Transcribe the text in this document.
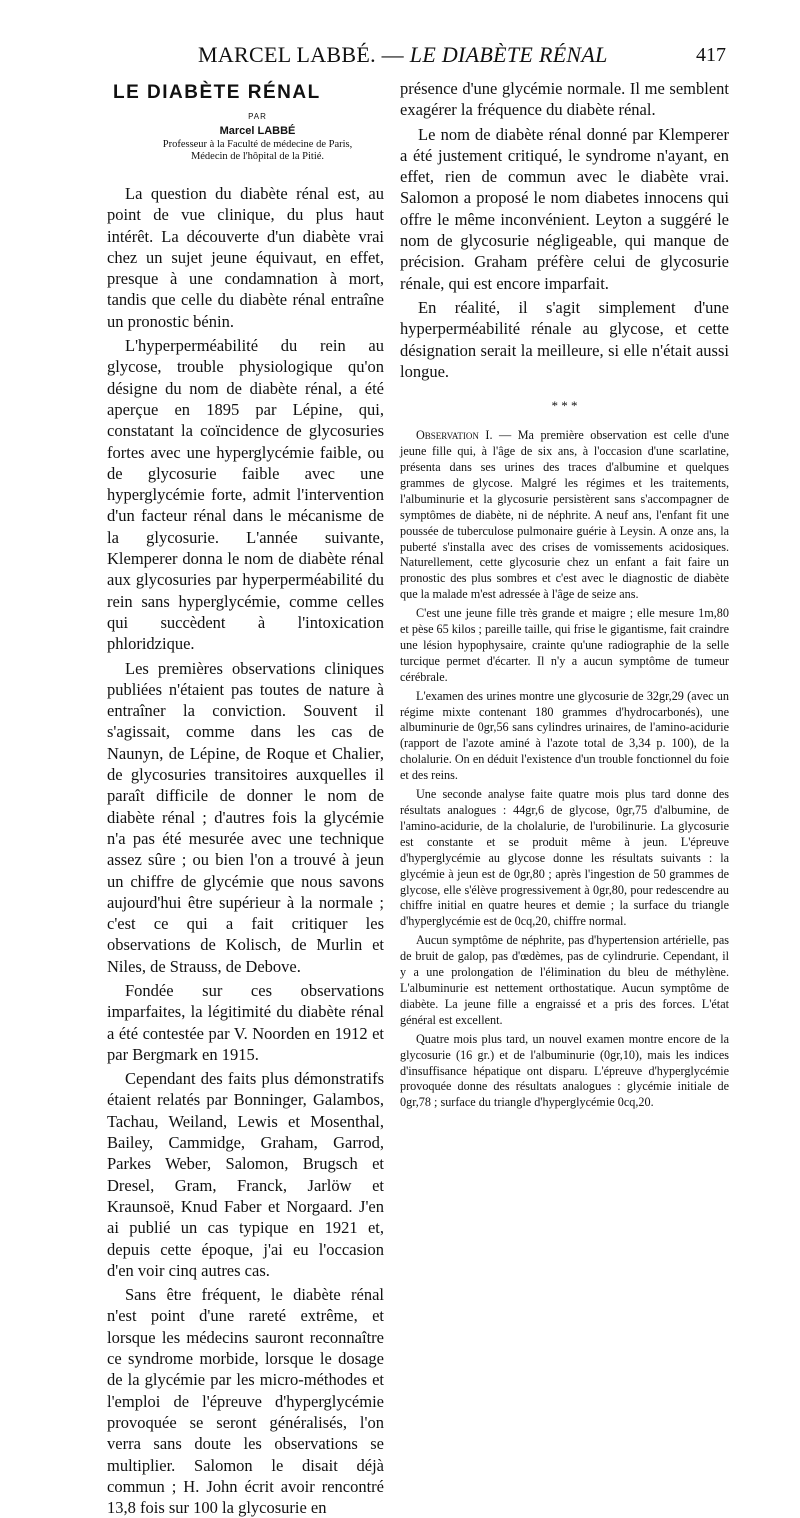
MARCEL LABBÉ. — LE DIABÈTE RÉNAL	417
LE DIABÈTE RÉNAL
PAR
Marcel LABBÉ
Professeur à la Faculté de médecine de Paris,
Médecin de l'hôpital de la Pitié.

La question du diabète rénal est, au point de vue clinique, du plus haut intérêt. La découverte d'un diabète vrai chez un sujet jeune équivaut, en effet, presque à une condamnation à mort, tandis que celle du diabète rénal entraîne un pronostic bénin.

L'hyperperméabilité du rein au glycose, trouble physiologique qu'on désigne du nom de diabète rénal, a été aperçue en 1895 par Lépine, qui, constatant la coïncidence de glycosuries fortes avec une hyperglycémie faible, ou de glycosurie faible avec une hyperglycémie forte, admit l'intervention d'un facteur rénal dans le mécanisme de la glycosurie. L'année suivante, Klemperer donna le nom de diabète rénal aux glycosuries par hyperperméabilité du rein sans hyperglycémie, comme celles qui succèdent à l'intoxication phloridzique.

Les premières observations cliniques publiées n'étaient pas toutes de nature à entraîner la conviction. Souvent il s'agissait, comme dans les cas de Naunyn, de Lépine, de Roque et Chalier, de glycosuries transitoires auxquelles il paraît difficile de donner le nom de diabète rénal ; d'autres fois la glycémie n'a pas été mesurée avec une technique assez sûre ; ou bien l'on a trouvé à jeun un chiffre de glycémie que nous savons aujourd'hui être supérieur à la normale ; c'est ce qui a fait critiquer les observations de Kolisch, de Murlin et Niles, de Strauss, de Debove.

Fondée sur ces observations imparfaites, la légitimité du diabète rénal a été contestée par V. Noorden en 1912 et par Bergmark en 1915.

Cependant des faits plus démonstratifs étaient relatés par Bonninger, Galambos, Tachau, Weiland, Lewis et Mosenthal, Bailey, Cammidge, Graham, Garrod, Parkes Weber, Salomon, Brugsch et Dresel, Gram, Franck, Jarlöw et Kraunsoë, Knud Faber et Norgaard. J'en ai publié un cas typique en 1921 et, depuis cette époque, j'ai eu l'occasion d'en voir cinq autres cas.

Sans être fréquent, le diabète rénal n'est point d'une rareté extrême, et lorsque les médecins sauront reconnaître ce syndrome morbide, lorsque le dosage de la glycémie par les micro-méthodes et l'emploi de l'épreuve d'hyperglycémie provoquée se seront généralisés, l'on verra sans doute les observations se multiplier. Salomon le disait déjà commun ; H. John écrit avoir rencontré 13,8 fois sur 100 la glycosurie en

présence d'une glycémie normale. Il me semblent exagérer la fréquence du diabète rénal.

Le nom de diabète rénal donné par Klemperer a été justement critiqué, le syndrome n'ayant, en effet, rien de commun avec le diabète vrai. Salomon a proposé le nom diabetes innocens qui offre le même inconvénient. Leyton a suggéré le nom de glycosurie négligeable, qui manque de précision. Graham préfère celui de glycosurie rénale, qui est encore imparfait.

En réalité, il s'agit simplement d'une hyperperméabilité rénale au glycose, et cette désignation serait la meilleure, si elle n'était aussi longue.

* * *

Observation I. — Ma première observation est celle d'une jeune fille qui, à l'âge de six ans, à l'occasion d'une scarlatine, présenta dans ses urines des traces d'albumine et quelques grammes de glycose. Malgré les régimes et les traitements, l'albuminurie et la glycosurie persistèrent sans s'accompagner de symptômes de diabète, ni de néphrite. A neuf ans, l'enfant fit une poussée de tuberculose pulmonaire guérie à Leysin. A onze ans, la puberté s'installa avec des crises de vomissements acidosiques. Naturellement, cette glycosurie chez un enfant a fait faire un pronostic des plus sombres et c'est avec le diagnostic de diabète que la malade m'est adressée à l'âge de seize ans.

C'est une jeune fille très grande et maigre ; elle mesure 1m,80 et pèse 65 kilos ; pareille taille, qui frise le gigantisme, fait craindre une lésion hypophysaire, crainte qu'une radiographie de la selle turcique permet d'écarter. Il n'y a aucun symptôme de tumeur cérébrale.

L'examen des urines montre une glycosurie de 32gr,29 (avec un régime mixte contenant 180 grammes d'hydrocarbonés), une albuminurie de 0gr,56 sans cylindres urinaires, de l'amino-acidurie (rapport de l'azote aminé à l'azote total de 3,34 p. 100), de la cholalurie. On en déduit l'existence d'un trouble fonctionnel du foie et des reins.

Une seconde analyse faite quatre mois plus tard donne des résultats analogues : 44gr,6 de glycose, 0gr,75 d'albumine, de l'amino-acidurie, de la cholalurie, de l'urobilinurie. La glycosurie est constante et se produit même à jeun. L'épreuve d'hyperglycémie au glycose donne les résultats suivants : la glycémie à jeun est de 0gr,80 ; après l'ingestion de 50 grammes de glycose, elle s'élève progressivement à 0gr,80, pour redescendre au chiffre initial en quatre heures et demie ; la surface du triangle d'hyperglycémie est de 0cq,20, chiffre normal.

Aucun symptôme de néphrite, pas d'hypertension artérielle, pas de bruit de galop, pas d'œdèmes, pas de cylindrurie. Cependant, il y a une prolongation de l'élimination du bleu de méthylène. L'albuminurie est nettement orthostatique. Aucun symptôme de diabète. La jeune fille a engraissé et a pris des forces. L'état général est excellent.

Quatre mois plus tard, un nouvel examen montre encore de la glycosurie (16 gr.) et de l'albuminurie (0gr,10), mais les indices d'insuffisance hépatique ont disparu. L'épreuve d'hyperglycémie provoquée donne des résultats analogues : glycémie initiale de 0gr,78 ; surface du triangle d'hyperglycémie 0cq,20.
